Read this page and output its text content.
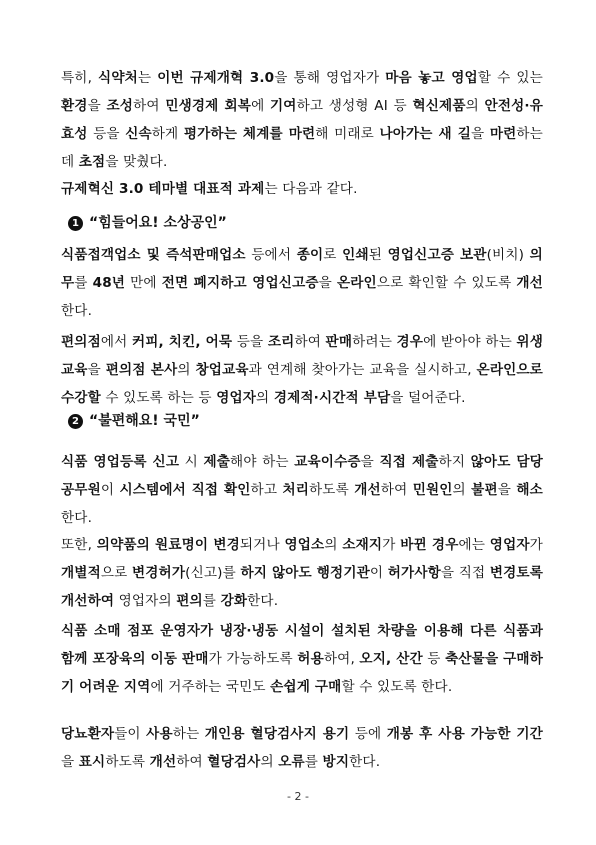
특히, 식약처는 이번 규제개혁 3.0을 통해 영업자가 마음 놓고 영업할 수 있는 환경을 조성하여 민생경제 회복에 기여하고 생성형 AI 등 혁신제품의 안전성·유효성 등을 신속하게 평가하는 체계를 마련해 미래로 나아가는 새 길을 마련하는데 초점을 맞췄다.

규제혁신 3.0 테마별 대표적 과제는 다음과 같다.

1 “힘들어요! 소상공인”

식품접객업소 및 즉석판매업소 등에서 종이로 인쇄된 영업신고증 보관(비치) 의무를 48년 만에 전면 폐지하고 영업신고증을 온라인으로 확인할 수 있도록 개선한다.

편의점에서 커피, 치킨, 어묵 등을 조리하여 판매하려는 경우에 받아야 하는 위생교육을 편의점 본사의 창업교육과 연계해 찾아가는 교육을 실시하고, 온라인으로 수강할 수 있도록 하는 등 영업자의 경제적·시간적 부담을 덜어준다.

2 “불편해요! 국민”

식품 영업등록 신고 시 제출해야 하는 교육이수증을 직접 제출하지 않아도 담당 공무원이 시스템에서 직접 확인하고 처리하도록 개선하여 민원인의 불편을 해소한다.

또한, 의약품의 원료명이 변경되거나 영업소의 소재지가 바뀐 경우에는 영업자가 개별적으로 변경허가(신고)를 하지 않아도 행정기관이 허가사항을 직접 변경토록 개선하여 영업자의 편의를 강화한다.

식품 소매 점포 운영자가 냉장·냉동 시설이 설치된 차량을 이용해 다른 식품과 함께 포장육의 이동 판매가 가능하도록 허용하여, 오지, 산간 등 축산물을 구매하기 어려운 지역에 거주하는 국민도 손쉽게 구매할 수 있도록 한다.

당뇨환자들이 사용하는 개인용 혈당검사지 용기 등에 개봉 후 사용 가능한 기간을 표시하도록 개선하여 혈당검사의 오류를 방지한다.

- 2 -
